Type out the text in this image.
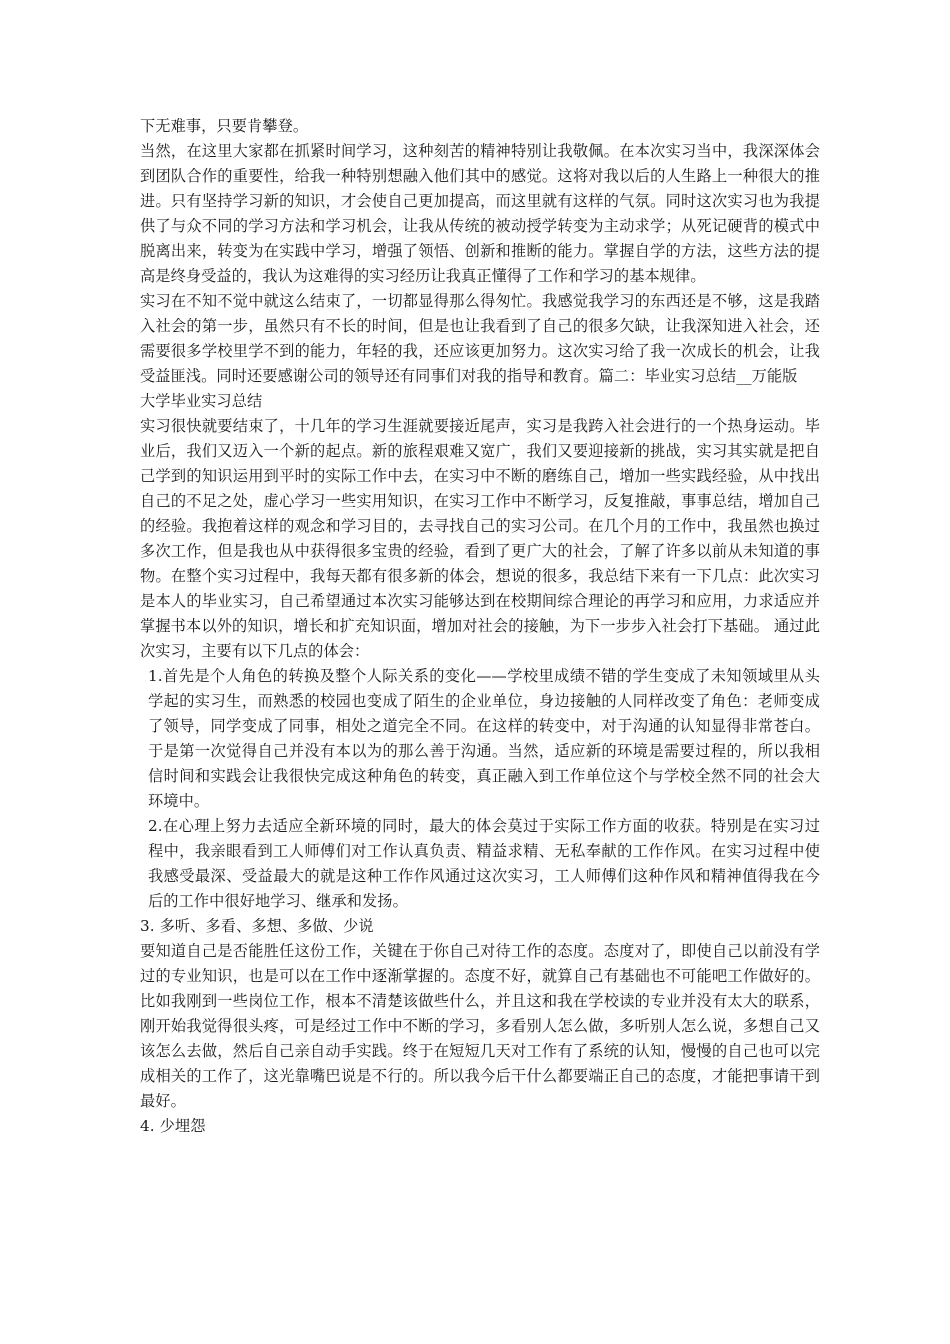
下无难事，只要肯攀登。

当然，在这里大家都在抓紧时间学习，这种刻苦的精神特别让我敬佩。在本次实习当中，我深深体会到团队合作的重要性，给我一种特别想融入他们其中的感觉。这将对我以后的人生路上一种很大的推进。只有坚持学习新的知识，才会使自己更加提高，而这里就有这样的气氛。同时这次实习也为我提供了与众不同的学习方法和学习机会，让我从传统的被动授学转变为主动求学；从死记硬背的模式中脱离出来，转变为在实践中学习，增强了领悟、创新和推断的能力。掌握自学的方法，这些方法的提高是终身受益的，我认为这难得的实习经历让我真正懂得了工作和学习的基本规律。

实习在不知不觉中就这么结束了，一切都显得那么得匆忙。我感觉我学习的东西还是不够，这是我踏入社会的第一步，虽然只有不长的时间，但是也让我看到了自己的很多欠缺，让我深知进入社会，还需要很多学校里学不到的能力，年轻的我，还应该更加努力。这次实习给了我一次成长的机会，让我受益匪浅。同时还要感谢公司的领导还有同事们对我的指导和教育。篇二：毕业实习总结__万能版

大学毕业实习总结

实习很快就要结束了，十几年的学习生涯就要接近尾声，实习是我跨入社会进行的一个热身运动。毕业后，我们又迈入一个新的起点。新的旅程艰难又宽广，我们又要迎接新的挑战，实习其实就是把自己学到的知识运用到平时的实际工作中去，在实习中不断的磨练自己，增加一些实践经验，从中找出自己的不足之处，虚心学习一些实用知识，在实习工作中不断学习，反复推敲，事事总结，增加自己的经验。我抱着这样的观念和学习目的，去寻找自己的实习公司。在几个月的工作中，我虽然也换过多次工作，但是我也从中获得很多宝贵的经验，看到了更广大的社会，了解了许多以前从未知道的事物。在整个实习过程中，我每天都有很多新的体会，想说的很多，我总结下来有一下几点：此次实习是本人的毕业实习，自己希望通过本次实习能够达到在校期间综合理论的再学习和应用，力求适应并掌握书本以外的知识，增长和扩充知识面，增加对社会的接触，为下一步步入社会打下基础。 通过此次实习，主要有以下几点的体会：

1.首先是个人角色的转换及整个人际关系的变化——学校里成绩不错的学生变成了未知领域里从头学起的实习生，而熟悉的校园也变成了陌生的企业单位，身边接触的人同样改变了角色：老师变成了领导，同学变成了同事，相处之道完全不同。在这样的转变中，对于沟通的认知显得非常苍白。于是第一次觉得自己并没有本以为的那么善于沟通。当然，适应新的环境是需要过程的，所以我相信时间和实践会让我很快完成这种角色的转变，真正融入到工作单位这个与学校全然不同的社会大环境中。

2.在心理上努力去适应全新环境的同时，最大的体会莫过于实际工作方面的收获。特别是在实习过程中，我亲眼看到工人师傅们对工作认真负责、精益求精、无私奉献的工作作风。在实习过程中使我感受最深、受益最大的就是这种工作作风通过这次实习，工人师傅们这种作风和精神值得我在今后的工作中很好地学习、继承和发扬。

3. 多听、多看、多想、多做、少说

要知道自己是否能胜任这份工作，关键在于你自己对待工作的态度。态度对了，即使自己以前没有学过的专业知识，也是可以在工作中逐渐掌握的。态度不好，就算自己有基础也不可能吧工作做好的。比如我刚到一些岗位工作，根本不清楚该做些什么，并且这和我在学校读的专业并没有太大的联系，刚开始我觉得很头疼，可是经过工作中不断的学习，多看别人怎么做，多听别人怎么说，多想自己又该怎么去做，然后自己亲自动手实践。终于在短短几天对工作有了系统的认知，慢慢的自己也可以完成相关的工作了，这光靠嘴巴说是不行的。所以我今后干什么都要端正自己的态度，才能把事请干到最好。

4. 少埋怨
